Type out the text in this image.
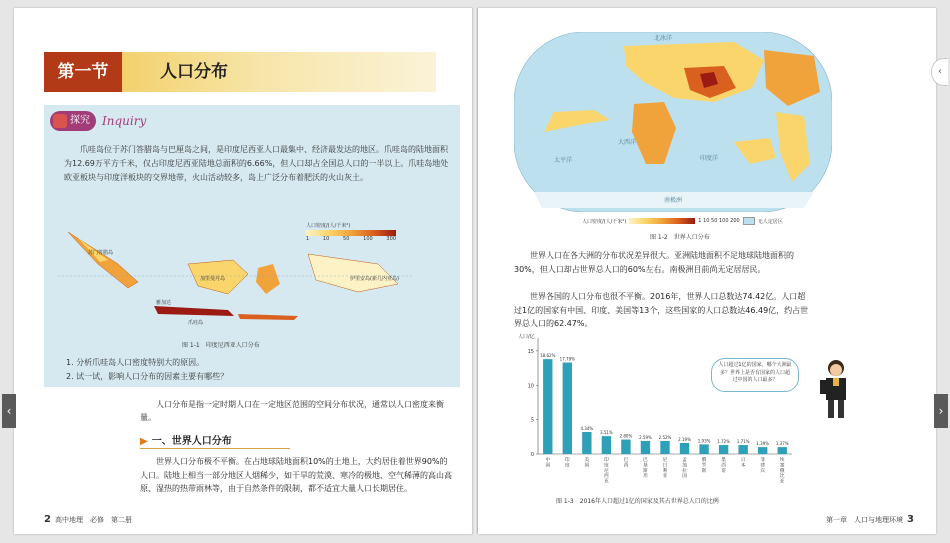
第一节	人口分布
探究	Inquiry
爪哇岛位于苏门答腊岛与巴厘岛之间，是印度尼西亚人口最集中、经济最发达的地区。爪哇岛的陆地面积为12.69万平方千米，仅占印度尼西亚陆地总面积的6.66%，但人口却占全国总人口的一半以上。爪哇岛地处欧亚板块与印度洋板块的交界地带，火山活动较多，岛上广泛分布着肥沃的火山灰土。
苏门答腊岛
加里曼丹岛	伊里安岛(新几内亚岛)
雅加达
爪哇岛
人口密度/(人/千米²)
1	10	50	100	300
图 1-1　印度尼西亚人口分布
1. 分析爪哇岛人口密度特别大的原因。
2. 试一试，影响人口分布的因素主要有哪些？
人口分布是指一定时期人口在一定地区范围的空间分布状况，通常以人口密度来衡量。
▶ 一、世界人口分布
世界人口分布极不平衡。在占地球陆地面积10%的土地上，大约居住着世界90%的人口。陆地上相当一部分地区人烟稀少，如干旱的荒漠、寒冷的极地、空气稀薄的高山高原、湿热的热带雨林等，由于自然条件的限制，都不适宜大量人口长期居住。
2 高中地理　必修　第二册
太平洋
大西洋
印度洋
北冰洋
南极洲
人口密度/(人/千米²)	1 10 50 100 200	无人定居区
图 1-2　世界人口分布
世界人口在各大洲的分布状况差异很大。亚洲陆地面积不足地球陆地面积的30%，但人口却占世界总人口的60%左右。南极洲目前尚无定居居民。
世界各国的人口分布也很不平衡。2016年，世界人口总数达74.42亿。人口超过1亿的国家有中国、印度、美国等13个，这些国家的人口总数达46.49亿，约占世界总人口的62.47%。
人口/亿
0
5
10
15
18.62%
中
国
17.79%
印
度
4.34%
美
国
3.51%
印
度
尼
西
亚
2.80%
巴
西
2.59%
巴
基
斯
坦
2.52%
尼
日
利
亚
2.19%
孟
加
拉
国
1.93%
俄
罗
斯
1.72%
墨
西
哥
1.71%
日
本
1.39%
菲
律
宾
1.37%
埃
塞
俄
比
亚
人口超过1亿的国家，哪个大洲最多？世界上是否有国家的人口超过中国的人口最多？
图 1-3　2016年人口超过1亿的国家及其占世界总人口的比例
第一章　人口与地理环境 3
‹	›
‹
